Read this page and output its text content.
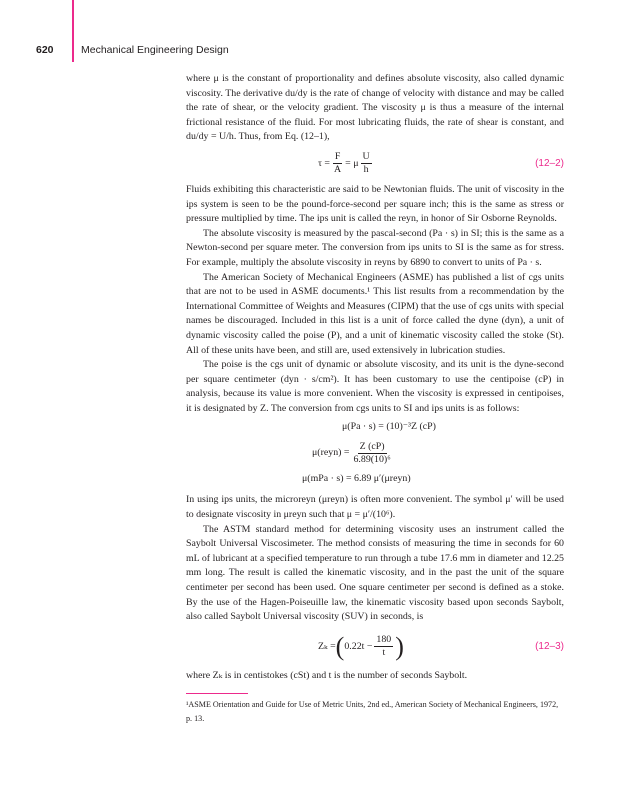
620	Mechanical Engineering Design

where μ is the constant of proportionality and defines absolute viscosity, also called dynamic viscosity. The derivative du/dy is the rate of change of velocity with distance and may be called the rate of shear, or the velocity gradient. The viscosity μ is thus a measure of the internal frictional resistance of the fluid. For most lubricating fluids, the rate of shear is constant, and du/dy = U/h. Thus, from Eq. (12–1),

$\tau = \frac{F}{A} = \mu \frac{U}{h}$	(12–2)

Fluids exhibiting this characteristic are said to be Newtonian fluids. The unit of viscosity in the ips system is seen to be the pound-force-second per square inch; this is the same as stress or pressure multiplied by time. The ips unit is called the reyn, in honor of Sir Osborne Reynolds.

The absolute viscosity is measured by the pascal-second (Pa · s) in SI; this is the same as a Newton-second per square meter. The conversion from ips units to SI is the same as for stress. For example, multiply the absolute viscosity in reyns by 6890 to convert to units of Pa · s.

The American Society of Mechanical Engineers (ASME) has published a list of cgs units that are not to be used in ASME documents.¹ This list results from a recommendation by the International Committee of Weights and Measures (CIPM) that the use of cgs units with special names be discouraged. Included in this list is a unit of force called the dyne (dyn), a unit of dynamic viscosity called the poise (P), and a unit of kinematic viscosity called the stoke (St). All of these units have been, and still are, used extensively in lubrication studies.

The poise is the cgs unit of dynamic or absolute viscosity, and its unit is the dyne-second per square centimeter (dyn · s/cm²). It has been customary to use the centipoise (cP) in analysis, because its value is more convenient. When the viscosity is expressed in centipoises, it is designated by Z. The conversion from cgs units to SI and ips units is as follows:

μ(Pa · s) = (10)⁻³Z (cP)
μ(reyn) = $\frac{Z (cP)}{\text{6.89(10)⁶}}$
μ(mPa · s) = 6.89 μ′(μreyn)

In using ips units, the microreyn (μreyn) is often more convenient. The symbol μ′ will be used to designate viscosity in μreyn such that μ = μ′/(10⁶).

The ASTM standard method for determining viscosity uses an instrument called the Saybolt Universal Viscosimeter. The method consists of measuring the time in seconds for 60 mL of lubricant at a specified temperature to run through a tube 17.6 mm in diameter and 12.25 mm long. The result is called the kinematic viscosity, and in the past the unit of the square centimeter per second has been used. One square centimeter per second is defined as a stoke. By the use of the Hagen-Poiseuille law, the kinematic viscosity based upon seconds Saybolt, also called Saybolt Universal viscosity (SUV) in seconds, is

Zₖ = ( $0.22t - \frac{180}{t}$ )	(12–3)

where Zₖ is in centistokes (cSt) and t is the number of seconds Saybolt.

¹ASME Orientation and Guide for Use of Metric Units, 2nd ed., American Society of Mechanical Engineers, 1972, p. 13.
